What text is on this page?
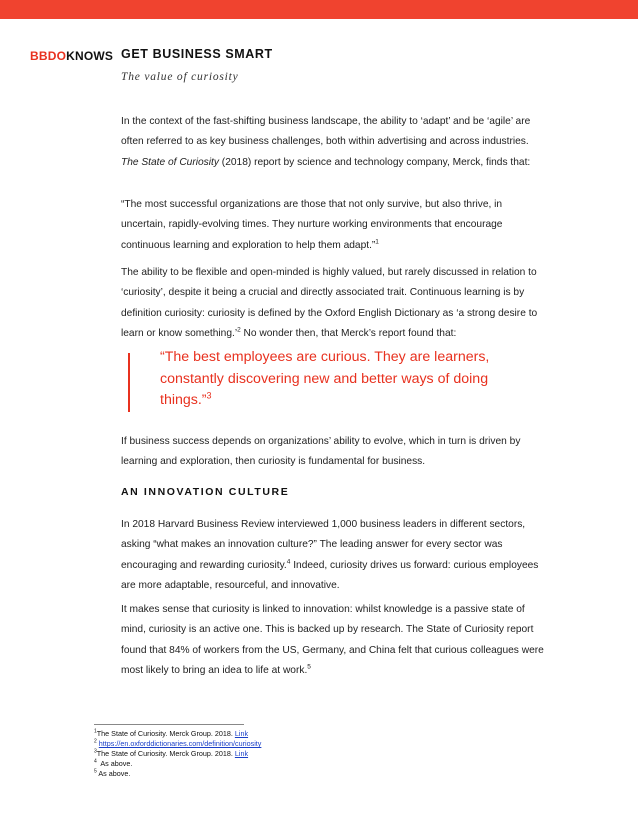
BBDOKNOWS GET BUSINESS SMART
The value of curiosity

In the context of the fast-shifting business landscape, the ability to ‘adapt’ and be ‘agile’ are often referred to as key business challenges, both within advertising and across industries. The State of Curiosity (2018) report by science and technology company, Merck, finds that:

“The most successful organizations are those that not only survive, but also thrive, in uncertain, rapidly-evolving times. They nurture working environments that encourage continuous learning and exploration to help them adapt.”$^1$

The ability to be flexible and open-minded is highly valued, but rarely discussed in relation to ‘curiosity’, despite it being a crucial and directly associated trait. Continuous learning is by definition curiosity: curiosity is defined by the Oxford English Dictionary as ‘a strong desire to learn or know something.’$^2$ No wonder then, that Merck’s report found that:

“The best employees are curious. They are learners, constantly discovering new and better ways of doing things.”$^3$

If business success depends on organizations’ ability to evolve, which in turn is driven by learning and exploration, then curiosity is fundamental for business.

AN INNOVATION CULTURE

In 2018 Harvard Business Review interviewed 1,000 business leaders in different sectors, asking “what makes an innovation culture?” The leading answer for every sector was encouraging and rewarding curiosity.$^4$ Indeed, curiosity drives us forward: curious employees are more adaptable, resourceful, and innovative.

It makes sense that curiosity is linked to innovation: whilst knowledge is a passive state of mind, curiosity is an active one. This is backed up by research. The State of Curiosity report found that 84% of workers from the US, Germany, and China felt that curious colleagues were most likely to bring an idea to life at work.$^5$

$^1$The State of Curiosity. Merck Group. 2018. Link
$^2$ https://en.oxforddictionaries.com/definition/curiosity
$^3$The State of Curiosity. Merck Group. 2018. Link
$^4$  As above.
$^5$ As above.
